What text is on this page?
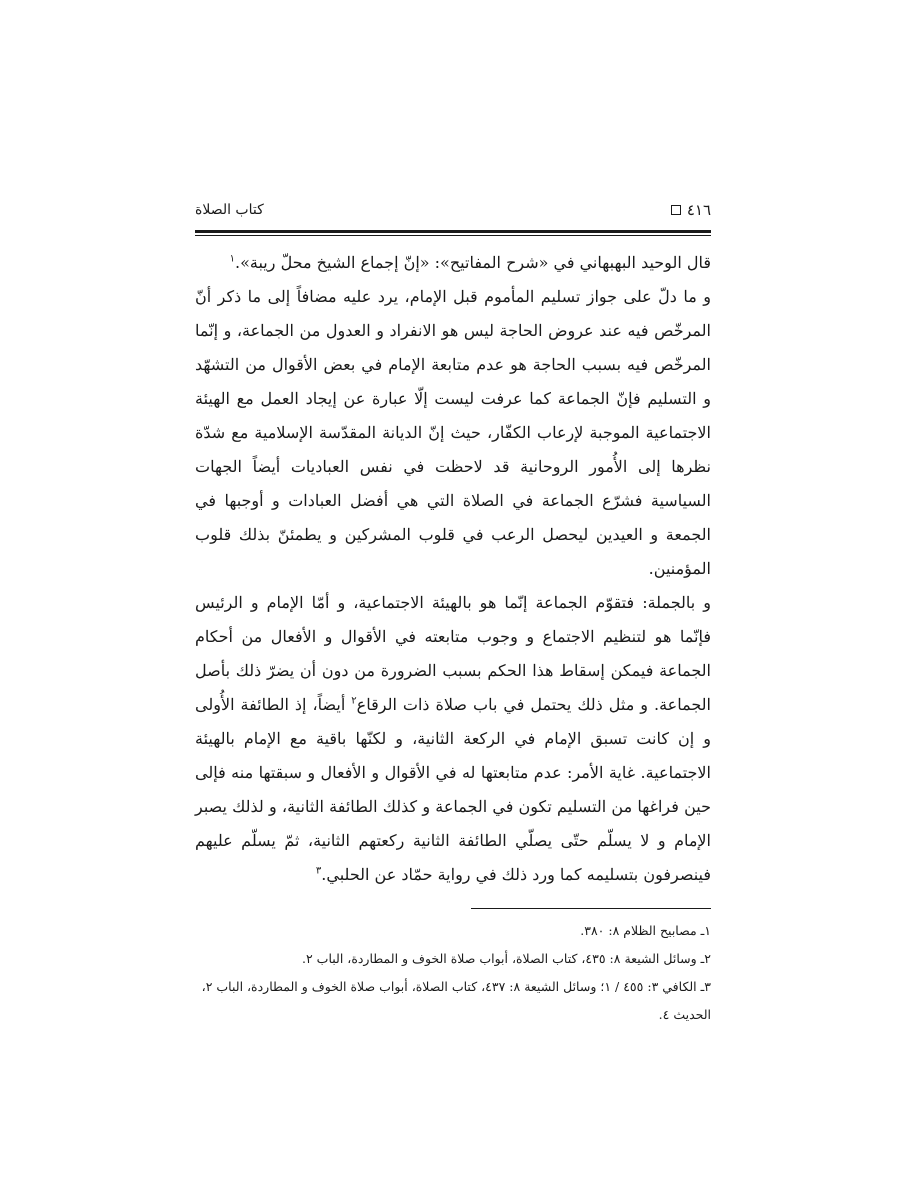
٤١٦
كتاب الصلاة

قال الوحيد البهبهاني في «شرح المفاتيح»: «إنّ إجماع الشيخ محلّ ريبة».$^١$

و ما دلّ على جواز تسليم المأموم قبل الإمام، يرد عليه مضافاً إلى ما ذكر أنّ المرخّص فيه عند عروض الحاجة ليس هو الانفراد و العدول من الجماعة، و إنّما المرخّص فيه بسبب الحاجة هو عدم متابعة الإمام في بعض الأقوال من التشهّد و التسليم فإنّ الجماعة كما عرفت ليست إلّا عبارة عن إيجاد العمل مع الهيئة الاجتماعية الموجبة لإرعاب الكفّار، حيث إنّ الديانة المقدّسة الإسلامية مع شدّة نظرها إلى الأُمور الروحانية قد لاحظت في نفس العباديات أيضاً الجهات السياسية فشرّع الجماعة في الصلاة التي هي أفضل العبادات و أوجبها في الجمعة و العيدين ليحصل الرعب في قلوب المشركين و يطمئنّ بذلك قلوب المؤمنين.

و بالجملة: فتقوّم الجماعة إنّما هو بالهيئة الاجتماعية، و أمّا الإمام و الرئيس فإنّما هو لتنظيم الاجتماع و وجوب متابعته في الأقوال و الأفعال من أحكام الجماعة فيمكن إسقاط هذا الحكم بسبب الضرورة من دون أن يضرّ ذلك بأصل الجماعة. و مثل ذلك يحتمل في باب صلاة ذات الرقاع$^٢$ أيضاً، إذ الطائفة الأُولى و إن كانت تسبق الإمام في الركعة الثانية، و لكنّها باقية مع الإمام بالهيئة الاجتماعية. غاية الأمر: عدم متابعتها له في الأقوال و الأفعال و سبقتها منه فإلى حين فراغها من التسليم تكون في الجماعة و كذلك الطائفة الثانية، و لذلك يصبر الإمام و لا يسلّم حتّى يصلّي الطائفة الثانية ركعتهم الثانية، ثمّ يسلّم عليهم فينصرفون بتسليمه كما ورد ذلك في رواية حمّاد عن الحلبي.$^٣$

١ـ مصابيح الظلام ٨: ٣٨٠.

٢ـ وسائل الشيعة ٨: ٤٣٥، كتاب الصلاة، أبواب صلاة الخوف و المطاردة، الباب ٢.

٣ـ الكافي ٣: ٤٥٥ / ١؛ وسائل الشيعة ٨: ٤٣٧، كتاب الصلاة، أبواب صلاة الخوف و المطاردة، الباب ٢، الحديث ٤.
